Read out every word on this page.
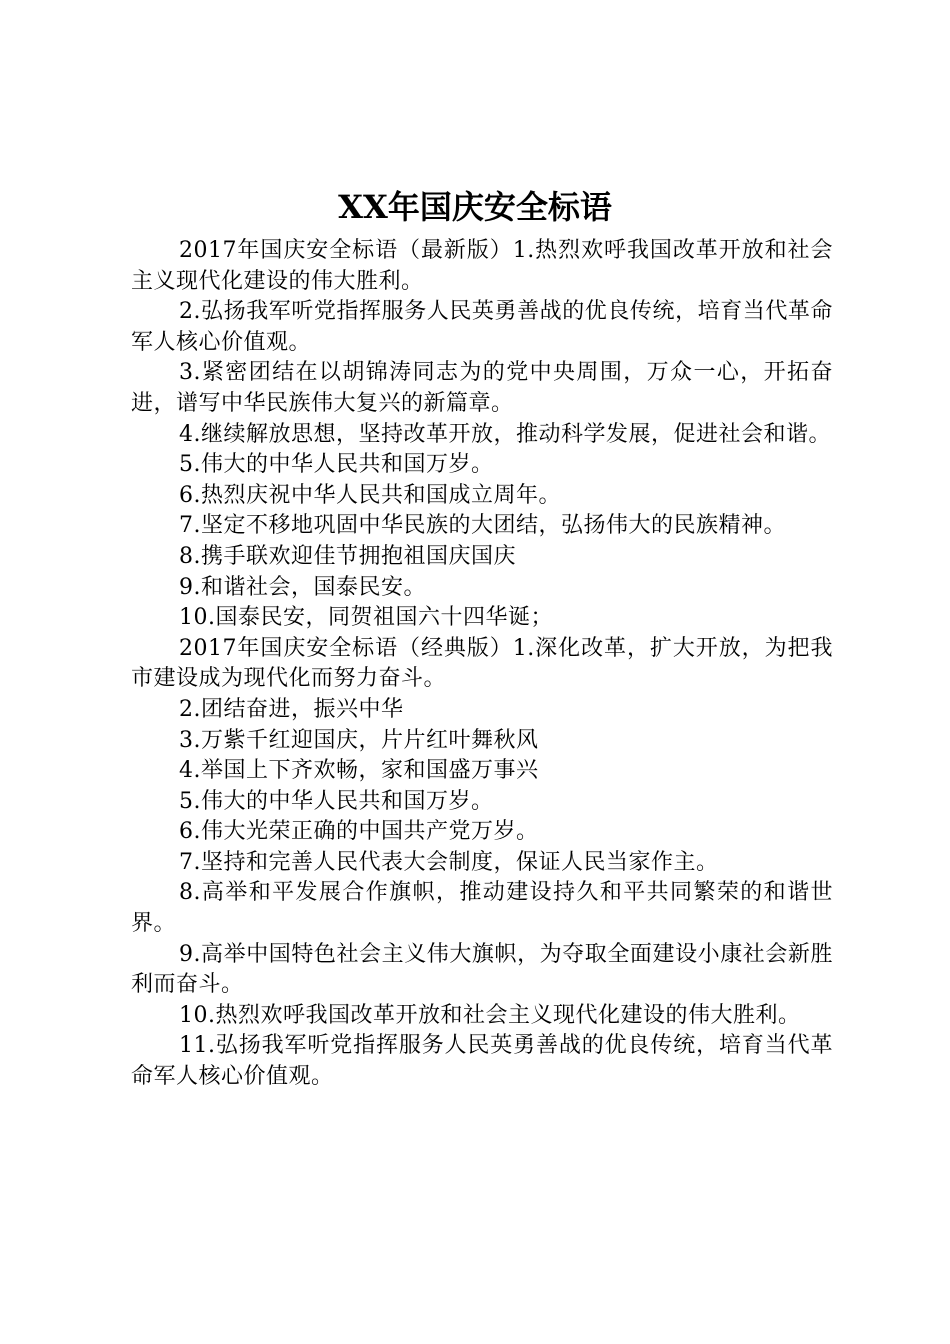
XX年国庆安全标语

2017年国庆安全标语（最新版）1.热烈欢呼我国改革开放和社会主义现代化建设的伟大胜利。

2.弘扬我军听党指挥服务人民英勇善战的优良传统，培育当代革命军人核心价值观。

3.紧密团结在以胡锦涛同志为的党中央周围，万众一心，开拓奋进，谱写中华民族伟大复兴的新篇章。

4.继续解放思想，坚持改革开放，推动科学发展，促进社会和谐。

5.伟大的中华人民共和国万岁。

6.热烈庆祝中华人民共和国成立周年。

7.坚定不移地巩固中华民族的大团结，弘扬伟大的民族精神。

8.携手联欢迎佳节拥抱祖国庆国庆

9.和谐社会，国泰民安。

10.国泰民安，同贺祖国六十四华诞；

2017年国庆安全标语（经典版）1.深化改革，扩大开放，为把我市建设成为现代化而努力奋斗。

2.团结奋进，振兴中华

3.万紫千红迎国庆，片片红叶舞秋风

4.举国上下齐欢畅，家和国盛万事兴

5.伟大的中华人民共和国万岁。

6.伟大光荣正确的中国共产党万岁。

7.坚持和完善人民代表大会制度，保证人民当家作主。

8.高举和平发展合作旗帜，推动建设持久和平共同繁荣的和谐世界。

9.高举中国特色社会主义伟大旗帜，为夺取全面建设小康社会新胜利而奋斗。

10.热烈欢呼我国改革开放和社会主义现代化建设的伟大胜利。

11.弘扬我军听党指挥服务人民英勇善战的优良传统，培育当代革命军人核心价值观。
